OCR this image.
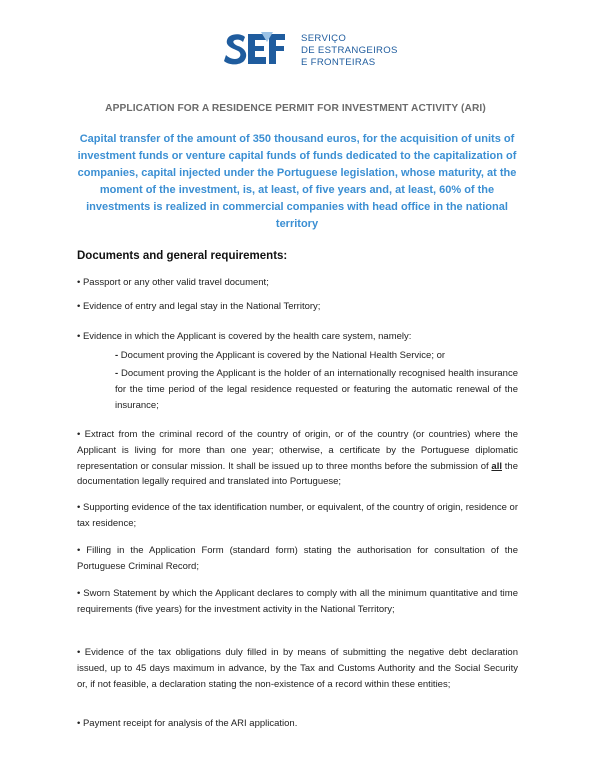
SERVIÇO
DE ESTRANGEIROS
E FRONTEIRAS
APPLICATION FOR A RESIDENCE PERMIT FOR INVESTMENT ACTIVITY (ARI)
Capital transfer of the amount of 350 thousand euros, for the acquisition of units of investment funds or venture capital funds of funds dedicated to the capitalization of companies, capital injected under the Portuguese legislation, whose maturity, at the moment of the investment, is, at least, of five years and, at least, 60% of the investments is realized in commercial companies with head office in the national territory
Documents and general requirements:
• Passport or any other valid travel document;
• Evidence of entry and legal stay in the National Territory;
• Evidence in which the Applicant is covered by the health care system, namely:
- Document proving the Applicant is covered by the National Health Service; or
- Document proving the Applicant is the holder of an internationally recognised health insurance for the time period of the legal residence requested or featuring the automatic renewal of the insurance;
• Extract from the criminal record of the country of origin, or of the country (or countries) where the Applicant is living for more than one year; otherwise, a certificate by the Portuguese diplomatic representation or consular mission. It shall be issued up to three months before the submission of all the documentation legally required and translated into Portuguese;
• Supporting evidence of the tax identification number, or equivalent, of the country of origin, residence or tax residence;
• Filling in the Application Form (standard form) stating the authorisation for consultation of the Portuguese Criminal Record;
• Sworn Statement by which the Applicant declares to comply with all the minimum quantitative and time requirements (five years) for the investment activity in the National Territory;
• Evidence of the tax obligations duly filled in by means of submitting the negative debt declaration issued, up to 45 days maximum in advance, by the Tax and Customs Authority and the Social Security or, if not feasible, a declaration stating the non-existence of a record within these entities;
• Payment receipt for analysis of the ARI application.
